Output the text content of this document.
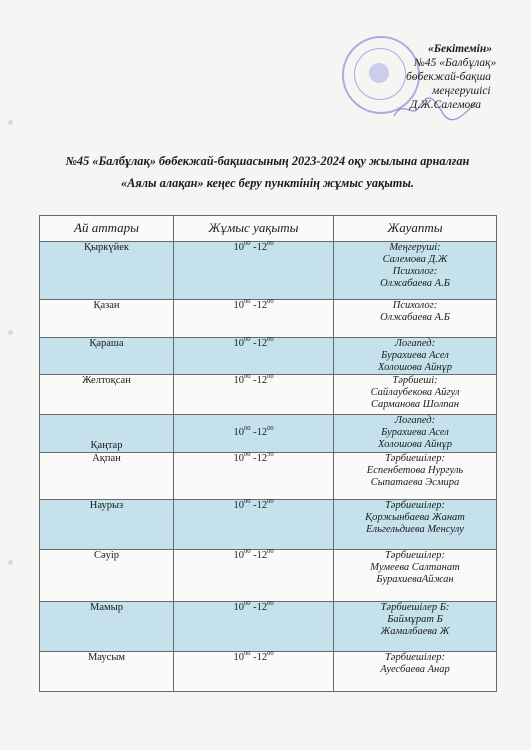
«Бекітемін»
№45 «Балбұлақ»
бөбекжай-бақша
меңгерушісі
Д.Ж.Салемова
№45 «Балбұлақ» бөбекжай-бақшасының 2023-2024 оқу жылына арналған
«Аялы алақан» кеңес беру пунктінің жұмыс уақыты.
Ай аттары	Жұмыс уақыты	Жауапты
Қыркүйек	$10^{00}$ $-12^{00}$	Меңгеруші:
Салемова Д.Ж
Психолог:
Олжабаева А.Б

Қазан	$10^{00}$ $-12^{00}$	Психолог:
Олжабаева А.Б

Қараша	$10^{00}$ $-12^{00}$	Логапед:
Бурахиева Асел
Холошова Айнұр

Желтоқсан	$10^{00}$ $-12^{00}$	Тәрбиеші:
Сайлаубекова Айгул
Сарманова Шолпан

Қаңтар	$10^{00}$ $-12^{00}$	Логапед:
Бурахиева Асел
Холошова Айнұр

Ақпан	$10^{00}$ $-12^{30}$	Тәрбиешілер:
Еспенбетова Нургуль
Сыпатаева Эсмира

Наурыз	$10^{00}$ $-12^{00}$	Тәрбиешілер:
Қоржынбаева Жанат
Ельгельдиева Менсулу

Сәуір	$10^{00}$ $-12^{00}$	Тәрбиешілер:
Мумеева Салтанат
БурахиеваАйжан

Мамыр	$10^{00}$ $-12^{00}$	Тәрбиешілер Б:
Баймұрат Б
Жамалбаева Ж

Маусым	$10^{00}$ $-12^{00}$	Тәрбиешілер:
Ауесбаева Анар
